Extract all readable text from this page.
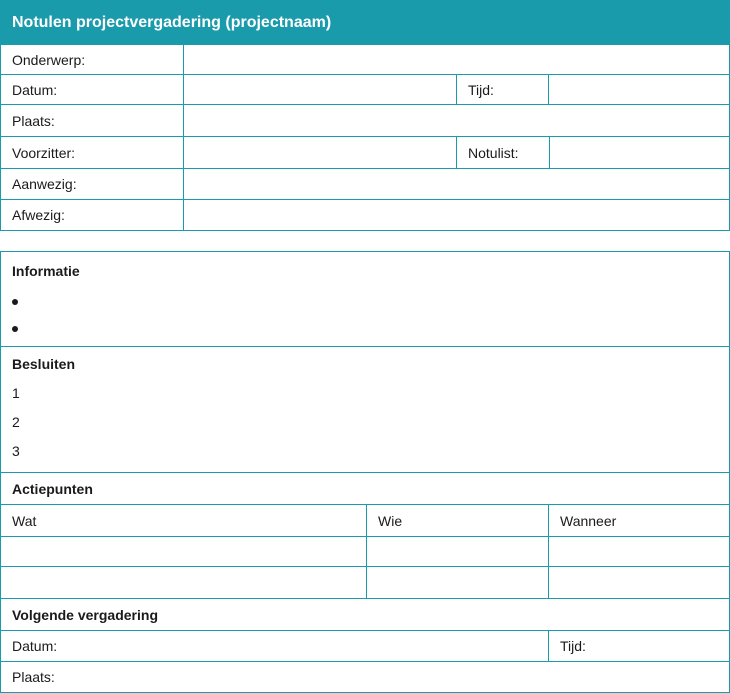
Notulen projectvergadering (projectnaam)
Onderwerp:
Datum:	Tijd:
Plaats:
Voorzitter:	Notulist:
Aanwezig:
Afwezig:
Informatie
Besluiten
1
2
3
Actiepunten
Wat	Wie	Wanneer
Volgende vergadering
Datum:	Tijd:
Plaats:
